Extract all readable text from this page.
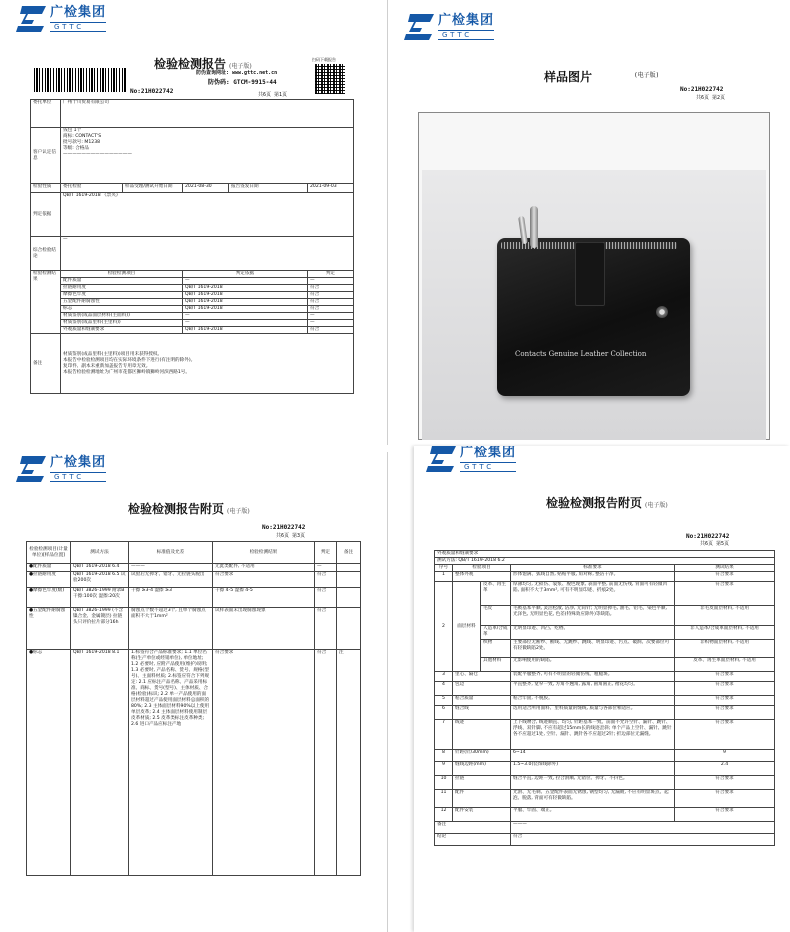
广检集团
GTTC
检验检测报告 (电子版)
扫码下载报告
防伪查询网址: www.gttc.net.cn
防伪码: GTCM-9915-44
No:21H022742	共6页 第1页
委托单位	广州十川贸易有限公司				
客户认定信息	钱包 1个
商标: CONTACT'S
批号款号: M1238
等级: 合格品
———————————————				

检验性质	委托检验	样品受理/测试开始日期	2021-08-30	报告签发日期	2021-09-03
判定依据	QB/T 1619-2018 《票夹》				
综合检验结论	—				
检验检测结果	检验检测项目		判定依据		判定
	配件质量		—		—
	拉链耐用度		QB/T 1619-2018		符合
	摩擦色牢度		QB/T 1619-2018		符合
	五金配件耐腐蚀性		QB/T 1619-2018		符合
	标志		QB/T 1619-2018		符合
	材质鉴别(成品面层材料(主面料))		—		—
	材质鉴别(成品里料(主里料))		—		—
	外观质量和缝制要求		QB/T 1619-2018		符合
备注	材质鉴别(成品里料(主里料))项目用未获得授权。
本报告中检验检测项目均在实际环境条件下进行(有注明的除外)。
复印件、副本未重新加盖报告专用章无效。
本报告检验检测地址为广州市花都区狮岭镇狮岭河滨西路1号。				
广检集团
GTTC
样品图片	(电子版)
No:21H022742
共6页 第2页
Contacts Genuine Leather Collection
广检集团
GTTC
检验检测报告附页 (电子版)
No:21H022742
共6页 第3页
检验检测项目(计量单位)[样品位置]	测试方法	标准值及允差	检验检测结果	判定	备注
●配件质量	QB/T 1619-2018 6.4	———	无此类配件, 不适用	—	
●拉链耐用度	QB/T 1619-2018 6.5 试验200次	试验后无掉牙、错牙、无拉链头脱出	符合要求	符合	
●摩擦色牢度(级)	QB/T 3826-1999 附录B 干擦:100次 湿擦:20次	干擦 ≥3-4 湿擦 ≥3	干擦 4-5 湿擦 4-5	符合	
●五金配件耐腐蚀性	QB/T 3826-1999 (不含镍合金、金属镀层) 拉链头只评价拉片部分16h	腐蚀点个数不超过3个, 且单个腐蚀点面积不大于1mm²	试样表面未出现腐蚀现象	符合	
●标志	QB/T 1619-2018 8.1	1.标签符合产品标准要求; 1.1 单位名称(生产单位或经销单位), 单位地址; 1.2 必要时, 应附产品使用(维护)说明; 1.3 必要时, 产品名称、货号、规格(型号)、主面料材质; 2.标签应符合下列规定: 2.1 应标注产品名称、产品采用标准、商标、货号(型号)、主体材质、合格(检验)标识; 2.2 单一产品使用的面层材料超过产品使用面层材料总面积的80%; 2.3 主体面层材料90%以上使用单层皮革; 2.4 主体面层材料使用制层皮革材质; 2.5 皮革类标注皮革种类; 2.6 进口产品应标注产地	符合要求	符合	注
广检集团
GTTC
检验检测报告附页 (电子版)
No:21H022742
共6页 第5页
外观质量和缝制要求				
测试方法: QB/T 1619-2018 6.2				
序号	检验项目		标准要求	测试结果
1	整体外观		形体饱满、弧线自然, 贴贴平服, 角对称, 整洁干净。	符合要求
2	面层材料	皮革、再生革	厚薄均匀, 无损伤、裂浆、脱色现象, 表面平整, 前面无伤残, 背面可有轻微凹陷, 面积不大于3mm², 可有不明显印迹、折痕2处。	符合要求
		毛皮	毛被基本平顺, 灵活松散, 洁净, 无钩针; 无明显掉毛, 油毛、铅毛、染色平顺, 光泽色, 无明显色花, 色差(特殊效应除外)等缺陷。	非毛皮面层材料, 不适用
		人造革/合成革	无明显印迹、凹凸、疙瘩。	非人造革/合成革面层材料, 不适用
		织物	主要部位无断纱、断线、无跳纱、跳线、明显印迹、污点、破洞、次要部位可有轻微缺陷2处。	非织物面层材料, 不适用
		其他材料	无影响使用的缺陷。	皮革、再生革面层材料, 不适用
3	里心、隔仓		装配平服整齐, 可有不明显的轻微伤残、粗糙斑。	符合要求
4	包边		平直整齐, 宽窄一致, 方角不翘角, 露角, 圆角圆正, 褶花均匀。	符合要求
5	粘合质量		粘合牢固, 不脱胶。	符合要求
6	缝合线		选用适合所用面料、里料质量的缝线, 质量与各部位相适应。	符合要求
7	线迹		上下线吻合, 线迹顺直、均匀, 针距基本一致。前面不允许空针、漏针、跳针、浮线、双针脚, 不应有超过15mm长的线迹歪斜; 单个产品上空针、漏针、跳针各不应超过1处, 空针、漏针、跳针各不应超过2针; 折边部位无漏缝。	符合要求
8	针距(针/30mm)		6~14	9
9	缝线边距(mm)		1.5~3.0(装饰线除外)	2.4
10	拉链		缝合平直, 边距一致, 拉合滑顺, 无错位、掉牙、不抖色。	符合要求
11	配件		光滑、无毛刺、五金配件表面无锈蚀, 钢型均匀, 无漏镀, 不应有明显斑点、起泡、脱落, 背面可有轻微缺陷。	符合要求
12	配件安装		平服、牢固、端正。	符合要求
备注			———	
结论			符合	
